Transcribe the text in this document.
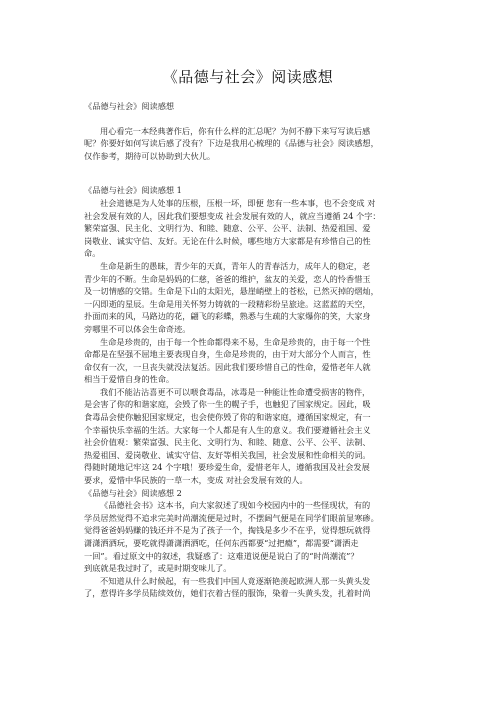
《品德与社会》阅读感想
《品德与社会》阅读感想
用心看完一本经典著作后，你有什么样的汇总呢？为何不静下来写写读后感
呢？你要好如何写读后感了没有？下边是我用心梳理的《品德与社会》阅读感想，
仅作参考，期待可以协助到大伙儿。
《品德与社会》阅读感想 1
社会道德是为人处事的压根，压根一坏，即便 您有一些本事，也不会变成 对
社会发展有效的人，因此我们要想变成 社会发展有效的人，就应当遵循 24 个字：
繁荣富强、民主化、文明行为、和睦、随意、公平、公平、法制、热爱祖国、爱
岗敬业、诚实守信、友好。无论在什么时候，哪些地方大家都是有珍惜自己的性
命。
生命是新生的愚昧，青少年的天真，青年人的青春活力，成年人的稳定，老
青少年的不断。生命是妈妈的仁慈，爸爸的维护，盆友的关爱，恋人的怜香惜玉
及一切情感的交错。生命是下山的太阳光，悬崖峭壁上的苍松，已然灭掉的熠灿，
一闪即逝的星辰。生命是用关怀努力铸就的一段精彩纷呈旅途。这蓝蓝的天空，
扑面而来的风，马路边的花，翩飞的彩蝶，熟悉与生疏的大家爆你的笑，大家身
旁哪里不可以体会生命奇迹。
生命是珍贵的，由于每一个性命都得来不易，生命是珍贵的，由于每一个性
命都是在坚强不屈地主要表现自身，生命是珍贵的，由于对大部分个人而言，性
命仅有一次，一旦丧失就没法复活。因此我们要珍惜自己的性命，爱惜老年人就
相当于爱惜自身的性命。
我们不能沾沾喜更不可以喂食毒品，冰毒是一种能让性命遭受损害的物件，
是会害了你的和谐家庭，会毁了你一生的幌子手，也触犯了国家规定。因此，吸
食毒品会使你触犯国家规定，也会使你毁了你的和谐家庭，遵循国家规定，有一
个幸福快乐幸福的生活。大家每一个人都是有人生的意义。我们要遵循社会主义
社会价值观：繁荣富强、民主化、文明行为、和睦、随意、公平、公平、法制、
热爱祖国、爱岗敬业、诚实守信、友好等相关我国，社会发展和性命相关的词。
得随时随地记牢这 24 个字哦！要珍爱生命，爱惜老年人，遵循我国及社会发展
要求，爱惜中华民族的一草一木，变成 对社会发展有效的人。
《品德与社会》阅读感想 2
《品德社会书》这本书，向大家叙述了现如今校园内中的一些怪现状，有的
学员居然觉得不追求完美时尚潮流便是过时，不摆阔气便是在同学们眼前显寒碜。
觉得爸爸妈妈赚的钱还并不是为了孩子一个，掏钱是多少不在乎，觉得想玩就得
潇潇洒洒玩，要吃就得潇潇洒洒吃，任何东西都要“过把瘾”，都需要“潇洒走
一回”。看过原文中的叙述，我疑惑了：这难道说便是说白了的“时尚潮流”？
到底就是我过时了，或是时期变味儿了。
不知道从什么时候起，有一些我们中国人竟逐渐艳羡起欧洲人那一头黄头发
了，惹得许多学员陆续效仿，她们衣着古怪的服饰，染着一头黄头发，扎着时尚
